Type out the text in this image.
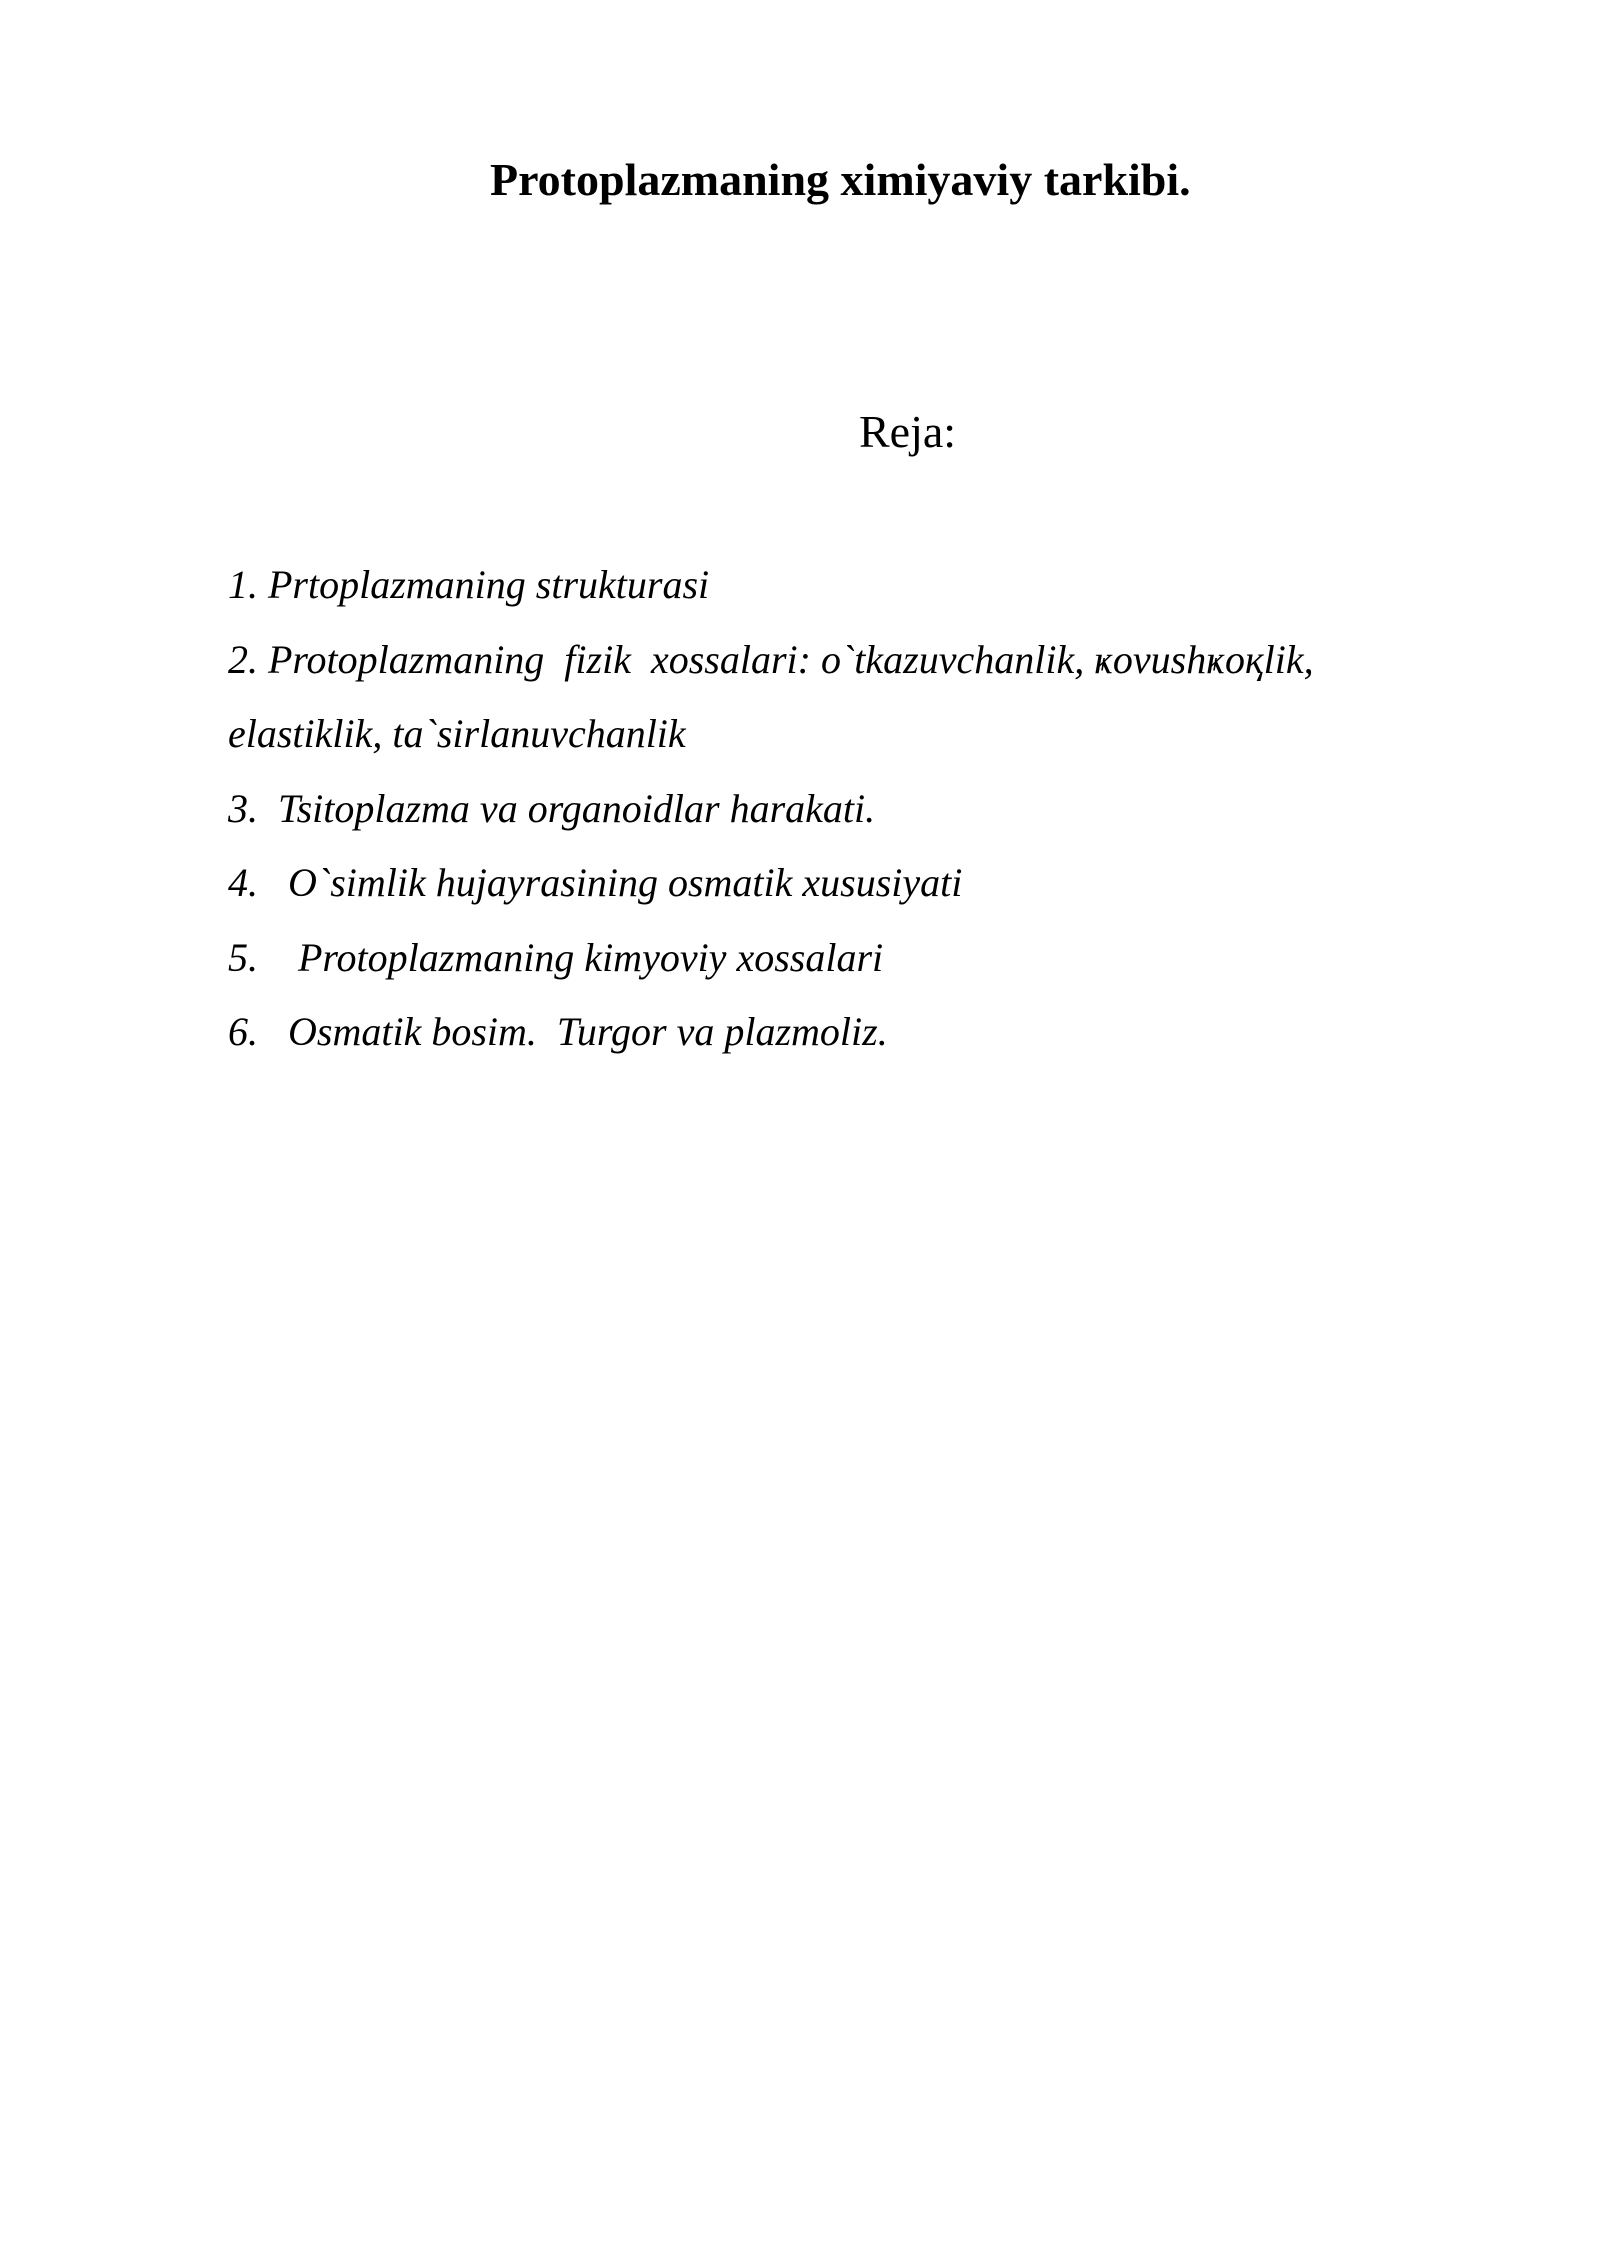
Protoplazmaning ximiyaviy tarkibi.
Reja:
1. Prtoplazmaning strukturasi
2. Protoplazmaning  fizik  xossalari: o`tkazuvchanlik, ҝovushҝoқlik,
elastiklik, ta`sirlanuvchanlik
3.  Tsitoplazma va organoidlar harakati.
4.   O`simlik hujayrasining osmatik xususiyati
5.    Protoplazmaning kimyoviy xossalari
6.   Osmatik bosim.  Turgor va plazmoliz.
